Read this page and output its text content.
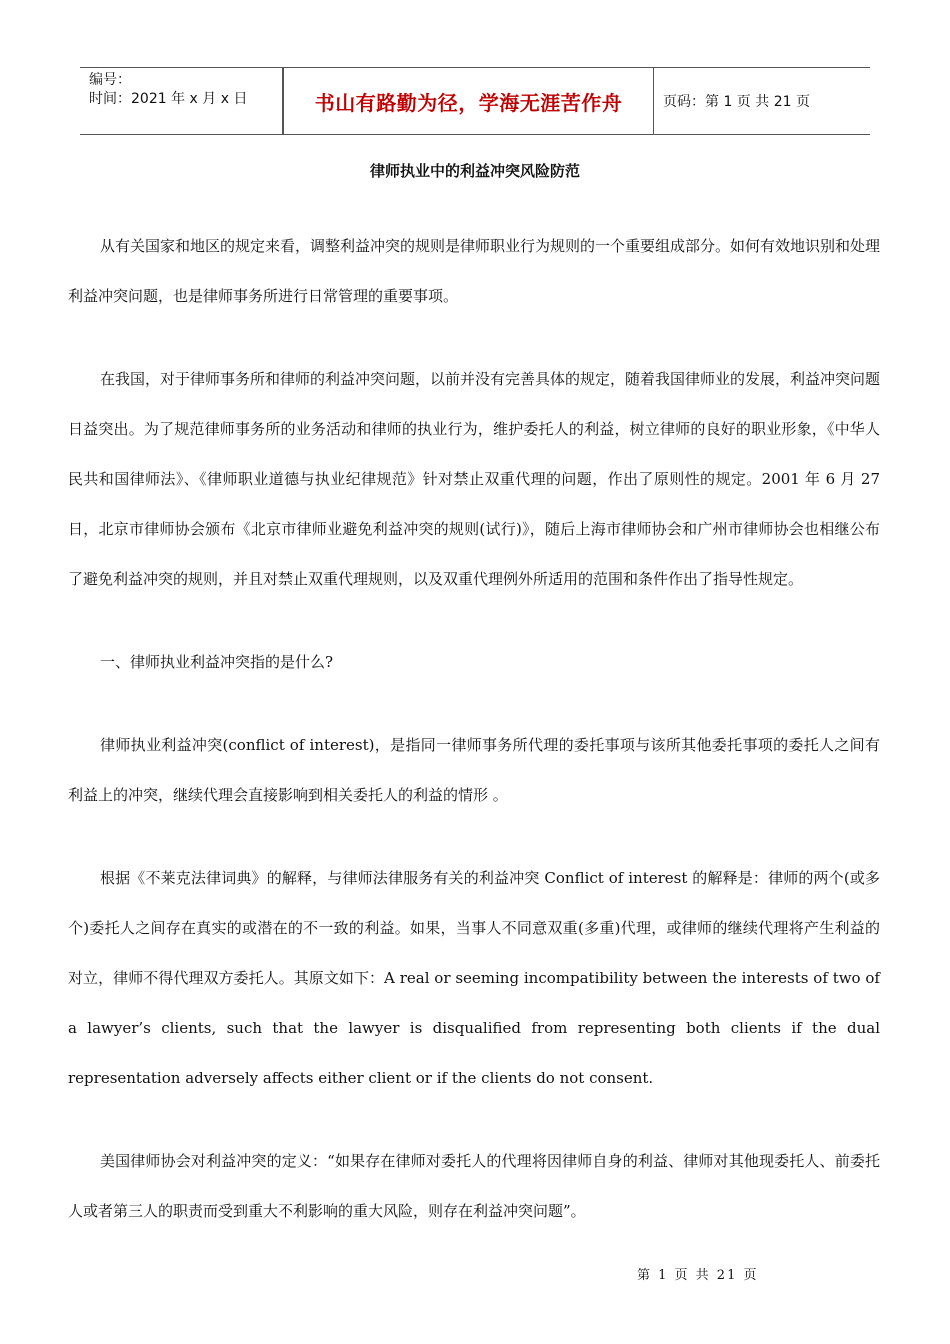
编号：
时间：2021 年 x 月 x 日	书山有路勤为径，学海无涯苦作舟	页码：第 1 页 共 21 页
律师执业中的利益冲突风险防范

从有关国家和地区的规定来看，调整利益冲突的规则是律师职业行为规则的一个重要组成部分。如何有效地识别和处理利益冲突问题，也是律师事务所进行日常管理的重要事项。

在我国，对于律师事务所和律师的利益冲突问题，以前并没有完善具体的规定，随着我国律师业的发展，利益冲突问题日益突出。为了规范律师事务所的业务活动和律师的执业行为，维护委托人的利益，树立律师的良好的职业形象，《中华人民共和国律师法》、《律师职业道德与执业纪律规范》针对禁止双重代理的问题，作出了原则性的规定。2001 年 6 月 27 日，北京市律师协会颁布《北京市律师业避免利益冲突的规则(试行)》，随后上海市律师协会和广州市律师协会也相继公布了避免利益冲突的规则，并且对禁止双重代理规则，以及双重代理例外所适用的范围和条件作出了指导性规定。

一、律师执业利益冲突指的是什么?

律师执业利益冲突(conflict of interest)，是指同一律师事务所代理的委托事项与该所其他委托事项的委托人之间有利益上的冲突，继续代理会直接影响到相关委托人的利益的情形 。

根据《不莱克法律词典》的解释，与律师法律服务有关的利益冲突 Conflict of interest 的解释是：律师的两个(或多个)委托人之间存在真实的或潜在的不一致的利益。如果，当事人不同意双重(多重)代理，或律师的继续代理将产生利益的对立，律师不得代理双方委托人。其原文如下：A real or seeming incompatibility between the interests of two of a lawyer’s clients, such that the lawyer is disqualified from representing both clients if the dual representation adversely affects either client or if the clients do not consent.

美国律师协会对利益冲突的定义：“如果存在律师对委托人的代理将因律师自身的利益、律师对其他现委托人、前委托人或者第三人的职责而受到重大不利影响的重大风险，则存在利益冲突问题”。

第 1 页 共 21 页
